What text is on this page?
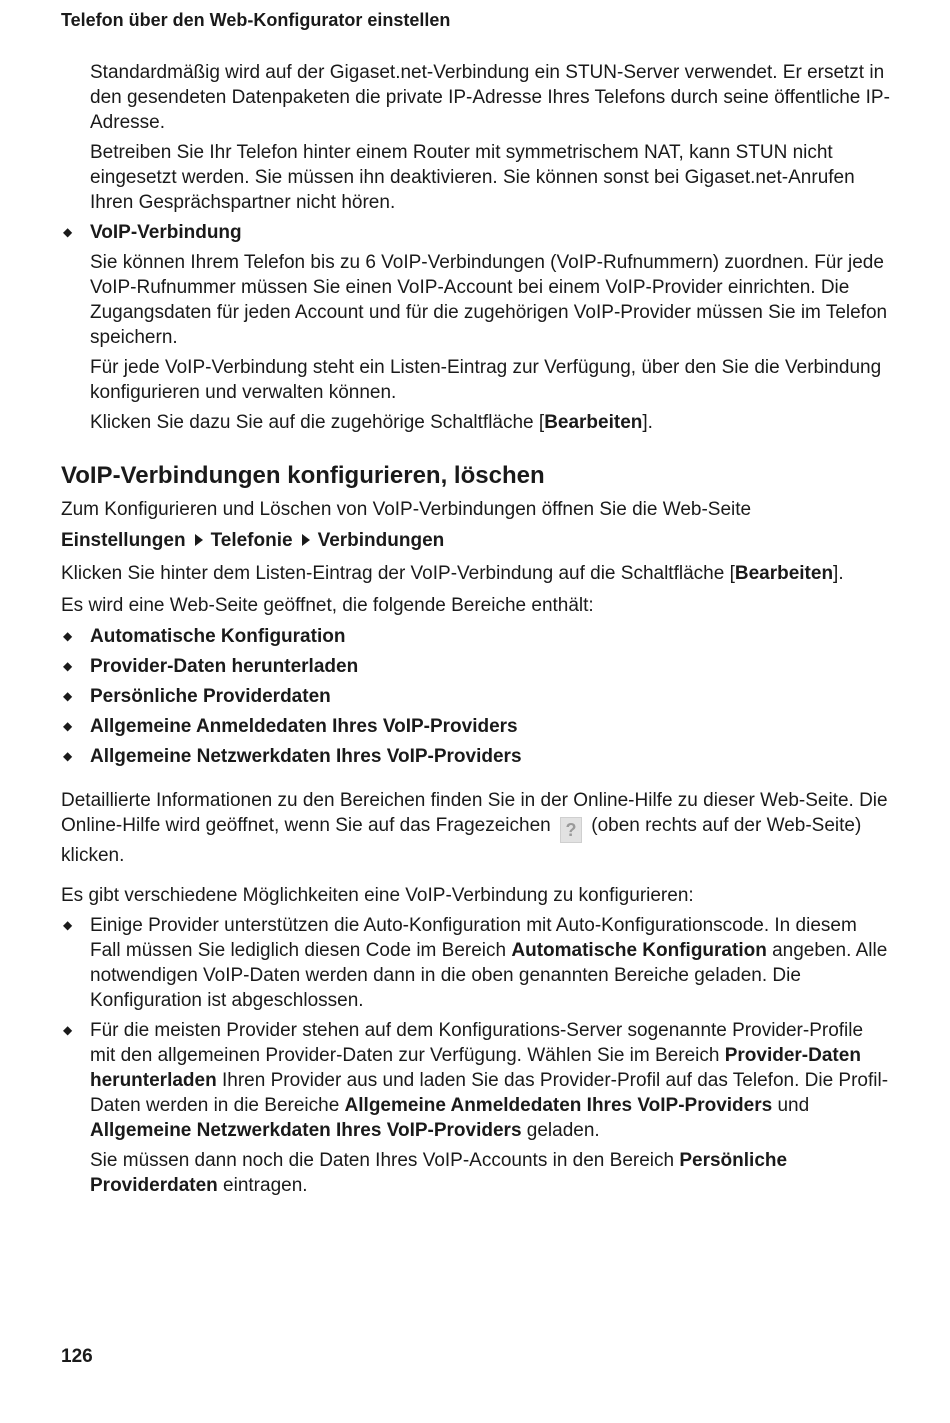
Telefon über den Web-Konfigurator einstellen

Standardmäßig wird auf der Gigaset.net-Verbindung ein STUN-Server verwendet. Er ersetzt in den gesendeten Datenpaketen die private IP-Adresse Ihres Telefons durch seine öffentliche IP-Adresse.

Betreiben Sie Ihr Telefon hinter einem Router mit symmetrischem NAT, kann STUN nicht eingesetzt werden. Sie müssen ihn deaktivieren. Sie können sonst bei Gigaset.net-Anrufen Ihren Gesprächspartner nicht hören.

◆ VoIP-Verbindung

Sie können Ihrem Telefon bis zu 6 VoIP-Verbindungen (VoIP-Rufnummern) zuordnen. Für jede VoIP-Rufnummer müssen Sie einen VoIP-Account bei einem VoIP-Provider einrichten. Die Zugangsdaten für jeden Account und für die zugehörigen VoIP-Provider müssen Sie im Telefon speichern.

Für jede VoIP-Verbindung steht ein Listen-Eintrag zur Verfügung, über den Sie die Verbindung konfigurieren und verwalten können.

Klicken Sie dazu Sie auf die zugehörige Schaltfläche [Bearbeiten].

VoIP-Verbindungen konfigurieren, löschen

Zum Konfigurieren und Löschen von VoIP-Verbindungen öffnen Sie die Web-Seite

Einstellungen Telefonie Verbindungen

Klicken Sie hinter dem Listen-Eintrag der VoIP-Verbindung auf die Schaltfläche [Bearbeiten].

Es wird eine Web-Seite geöffnet, die folgende Bereiche enthält:

◆ Automatische Konfiguration
◆ Provider-Daten herunterladen
◆ Persönliche Providerdaten
◆ Allgemeine Anmeldedaten Ihres VoIP-Providers
◆ Allgemeine Netzwerkdaten Ihres VoIP-Providers

Detaillierte Informationen zu den Bereichen finden Sie in der Online-Hilfe zu dieser Web-Seite. Die Online-Hilfe wird geöffnet, wenn Sie auf das Fragezeichen ? (oben rechts auf der Web-Seite) klicken.

Es gibt verschiedene Möglichkeiten eine VoIP-Verbindung zu konfigurieren:

◆ Einige Provider unterstützen die Auto-Konfiguration mit Auto-Konfigurationscode. In diesem Fall müssen Sie lediglich diesen Code im Bereich Automatische Konfiguration angeben. Alle notwendigen VoIP-Daten werden dann in die oben genannten Bereiche geladen. Die Konfiguration ist abgeschlossen.

◆ Für die meisten Provider stehen auf dem Konfigurations-Server sogenannte Provider-Profile mit den allgemeinen Provider-Daten zur Verfügung. Wählen Sie im Bereich Provider-Daten herunterladen Ihren Provider aus und laden Sie das Provider-Profil auf das Telefon. Die Profil-Daten werden in die Bereiche Allgemeine Anmeldedaten Ihres VoIP-Providers und Allgemeine Netzwerkdaten Ihres VoIP-Providers geladen.

Sie müssen dann noch die Daten Ihres VoIP-Accounts in den Bereich Persönliche Providerdaten eintragen.

126
